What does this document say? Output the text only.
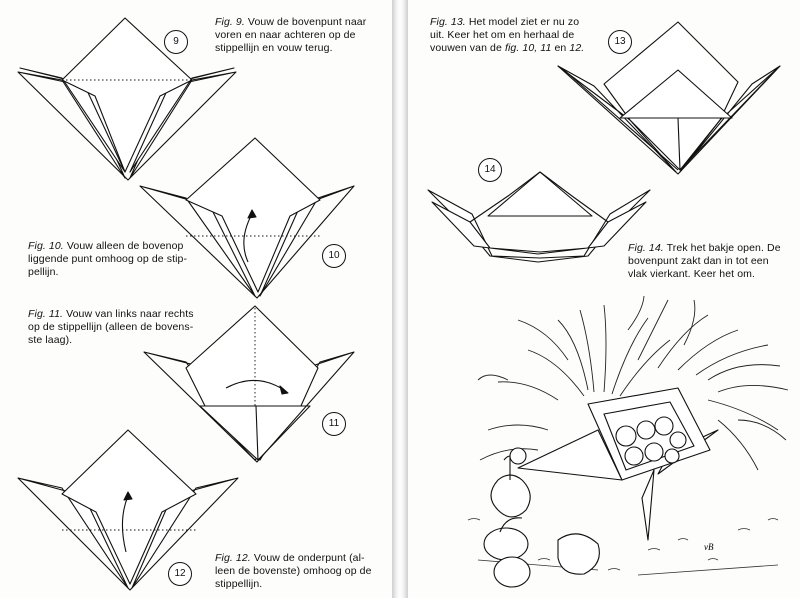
9
Fig. 9. Vouw de bovenpunt naar
voren en naar achteren op de
stippellijn en vouw terug.
10
Fig. 10. Vouw alleen de bovenop
liggende punt omhoog op de stip-
pellijn.
11
Fig. 11. Vouw van links naar rechts
op de stippellijn (alleen de bovens-
ste laag).
12
Fig. 12. Vouw de onderpunt (al-
leen de bovenste) omhoog op de
stippellijn.
Fig. 13. Het model ziet er nu zo
uit. Keer het om en herhaal de
vouwen van de fig. 10, 11 en 12.
13
14
Fig. 14. Trek het bakje open. De
bovenpunt zakt dan in tot een
vlak vierkant. Keer het om.
vB
